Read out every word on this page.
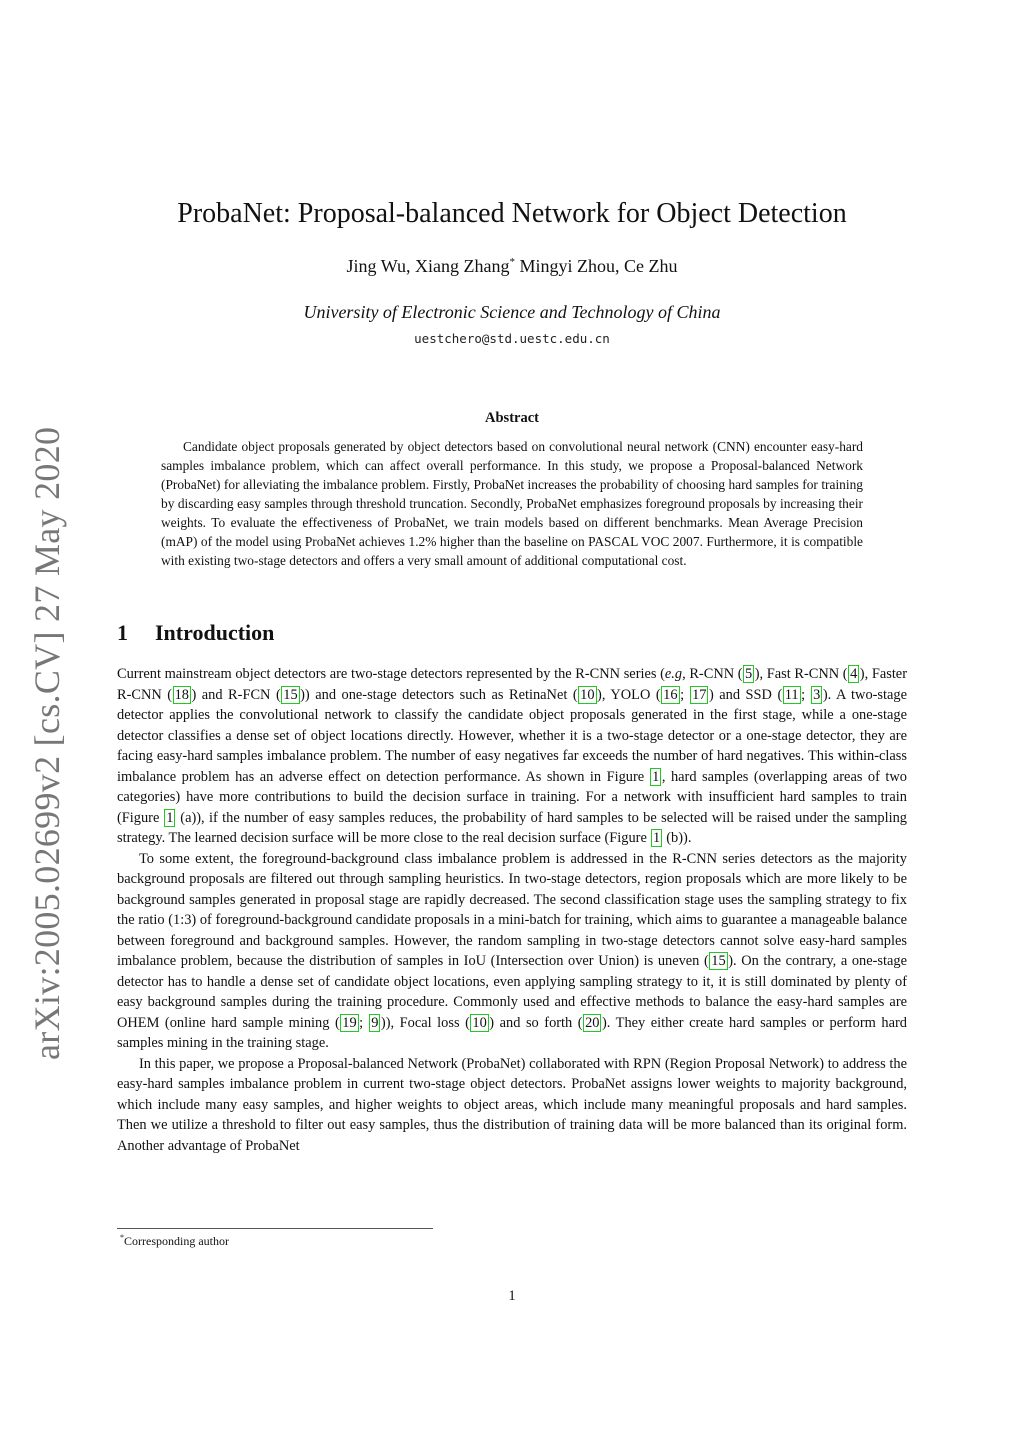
arXiv:2005.02699v2 [cs.CV] 27 May 2020
ProbaNet: Proposal-balanced Network for Object Detection
Jing Wu, Xiang Zhang* Mingyi Zhou, Ce Zhu
University of Electronic Science and Technology of China
uestchero@std.uestc.edu.cn
Abstract

Candidate object proposals generated by object detectors based on convolutional neural network (CNN) encounter easy-hard samples imbalance problem, which can affect overall performance. In this study, we propose a Proposal-balanced Network (ProbaNet) for alleviating the imbalance problem. Firstly, ProbaNet increases the probability of choosing hard samples for training by discarding easy samples through threshold truncation. Secondly, ProbaNet emphasizes foreground proposals by increasing their weights. To evaluate the effectiveness of ProbaNet, we train models based on different benchmarks. Mean Average Precision (mAP) of the model using ProbaNet achieves 1.2% higher than the baseline on PASCAL VOC 2007. Furthermore, it is compatible with existing two-stage detectors and offers a very small amount of additional computational cost.

1 Introduction

Current mainstream object detectors are two-stage detectors represented by the R-CNN series (e.g, R-CNN ( 5 ), Fast R-CNN ( 4 ), Faster R-CNN ( 18 ) and R-FCN ( 15 )) and one-stage detectors such as RetinaNet ( 10 ), YOLO ( 16 ; 17 ) and SSD ( 11 ; 3 ). A two-stage detector applies the convolutional network to classify the candidate object proposals generated in the first stage, while a one-stage detector classifies a dense set of object locations directly. However, whether it is a two-stage detector or a one-stage detector, they are facing easy-hard samples imbalance problem. The number of easy negatives far exceeds the number of hard negatives. This within-class imbalance problem has an adverse effect on detection performance. As shown in Figure 1 , hard samples (overlapping areas of two categories) have more contributions to build the decision surface in training. For a network with insufficient hard samples to train (Figure 1 (a)), if the number of easy samples reduces, the probability of hard samples to be selected will be raised under the sampling strategy. The learned decision surface will be more close to the real decision surface (Figure 1 (b)).

To some extent, the foreground-background class imbalance problem is addressed in the R-CNN series detectors as the majority background proposals are filtered out through sampling heuristics. In two-stage detectors, region proposals which are more likely to be background samples generated in proposal stage are rapidly decreased. The second classification stage uses the sampling strategy to fix the ratio (1:3) of foreground-background candidate proposals in a mini-batch for training, which aims to guarantee a manageable balance between foreground and background samples. However, the random sampling in two-stage detectors cannot solve easy-hard samples imbalance problem, because the distribution of samples in IoU (Intersection over Union) is uneven ( 15 ). On the contrary, a one-stage detector has to handle a dense set of candidate object locations, even applying sampling strategy to it, it is still dominated by plenty of easy background samples during the training procedure. Commonly used and effective methods to balance the easy-hard samples are OHEM (online hard sample mining ( 19 ; 9 )), Focal loss ( 10 ) and so forth ( 20 ). They either create hard samples or perform hard samples mining in the training stage.

In this paper, we propose a Proposal-balanced Network (ProbaNet) collaborated with RPN (Region Proposal Network) to address the easy-hard samples imbalance problem in current two-stage object detectors. ProbaNet assigns lower weights to majority background, which include many easy samples, and higher weights to object areas, which include many meaningful proposals and hard samples. Then we utilize a threshold to filter out easy samples, thus the distribution of training data will be more balanced than its original form. Another advantage of ProbaNet

*Corresponding author
1
